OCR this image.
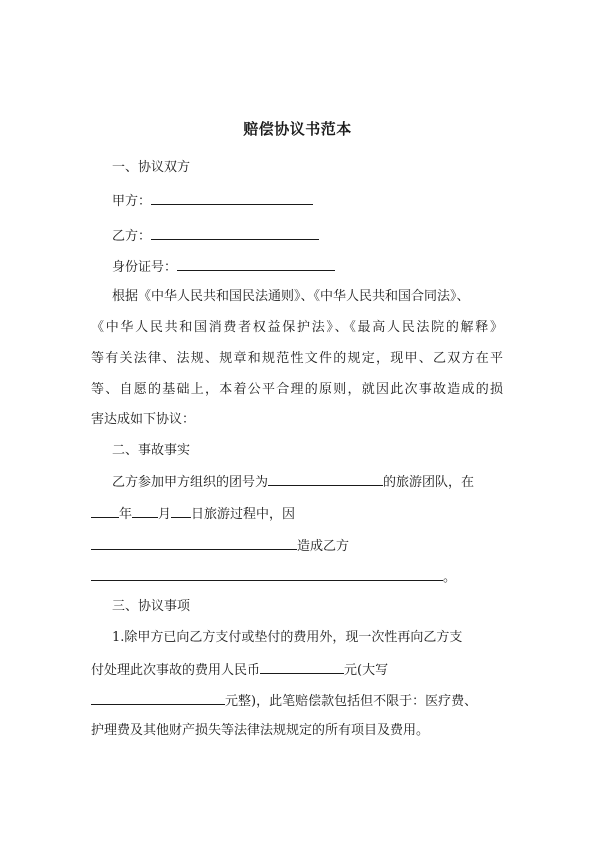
赔偿协议书范本
一、协议双方
甲方：
乙方：
身份证号：
根据《中华人民共和国民法通则》、《中华人民共和国合同法》、
《中华人民共和国消费者权益保护法》、《最高人民法院的解释》
等有关法律、法规、规章和规范性文件的规定，现甲、乙双方在平
等、自愿的基础上，本着公平合理的原则，就因此次事故造成的损
害达成如下协议：
二、事故事实
乙方参加甲方组织的团号为	的旅游团队，在
年 月 日旅游过程中，因
造成乙方
。
三、协议事项
1.除甲方已向乙方支付或垫付的费用外，现一次性再向乙方支
付处理此次事故的费用人民币	元(大写
元整)，此笔赔偿款包括但不限于：医疗费、
护理费及其他财产损失等法律法规规定的所有项目及费用。
